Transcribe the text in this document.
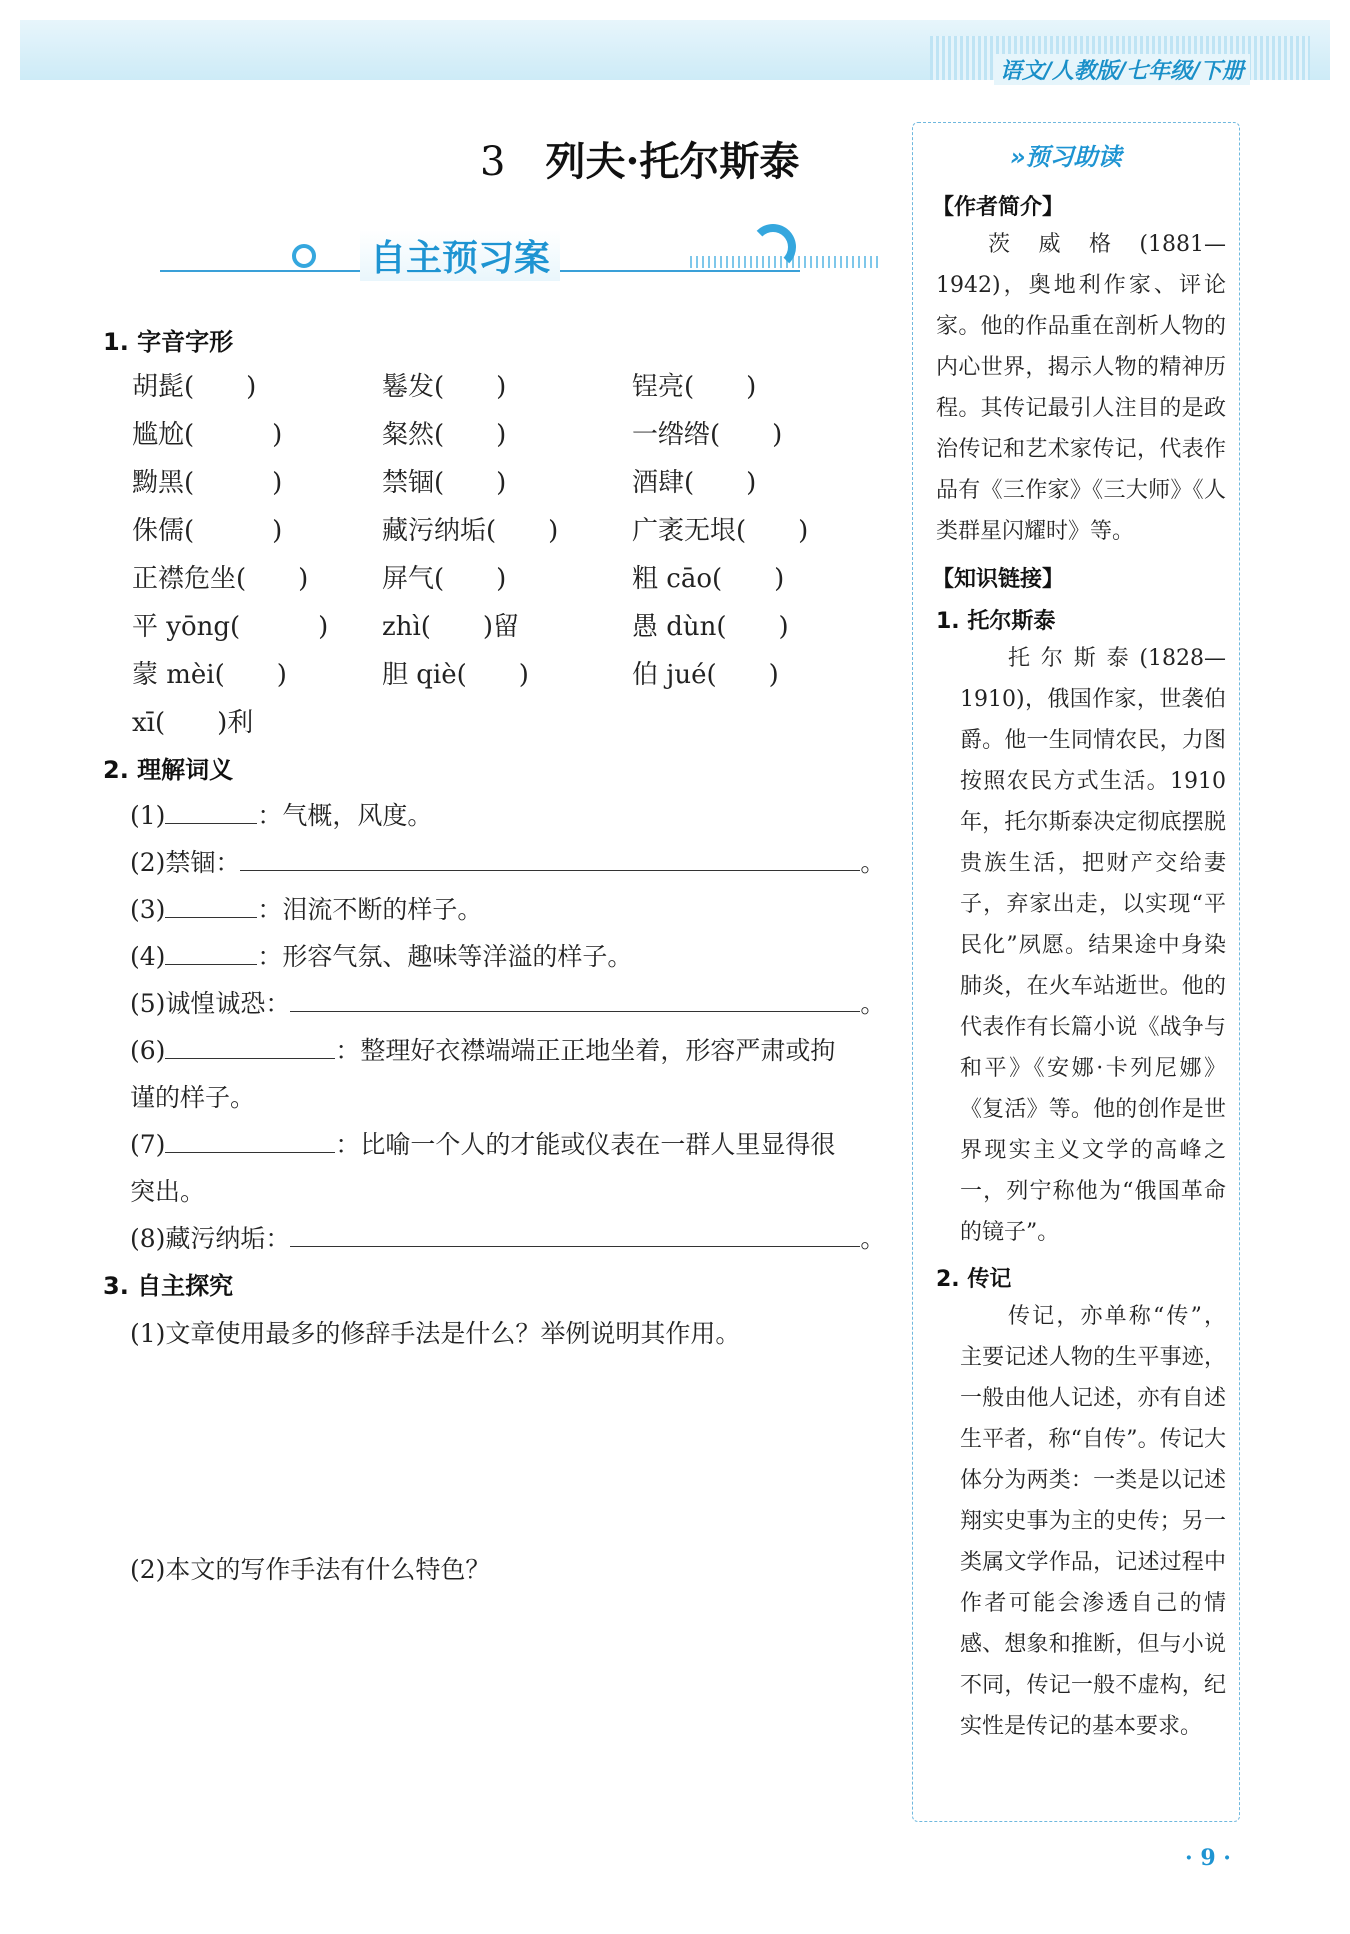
语文/人教版/七年级/下册
3 列夫·托尔斯泰
自主预习案
1. 字音字形
胡髭(　　)	鬈发(　　)	锃亮(　　)
尴尬(　　　)	粲然(　　)	一绺绺(　　)
黝黑(　　　)	禁锢(　　)	酒肆(　　)
侏儒(　　　)	藏污纳垢(　　)	广袤无垠(　　)
正襟危坐(　　)	屏气(　　)	粗 cāo(　　)
平 yōng(　　　) zhì(　　)留	愚 dùn(　　)
蒙 mèi(　　)	胆 qiè(　　)	伯 jué(　　)
xī(　　)利
2. 理解词义
(1)	：气概，风度。
(2)禁锢：	。
(3)	：泪流不断的样子。
(4)	：形容气氛、趣味等洋溢的样子。
(5)诚惶诚恐：	。
(6)	：整理好衣襟端端正正地坐着，形容严肃或拘
谨的样子。
(7)	：比喻一个人的才能或仪表在一群人里显得很
突出。
(8)藏污纳垢：	。
3. 自主探究
(1)文章使用最多的修辞手法是什么？举例说明其作用。
(2)本文的写作手法有什么特色？
»预习助读
【作者简介】
茨威格(1881—1942)，奥地利作家、评论家。他的作品重在剖析人物的内心世界，揭示人物的精神历程。其传记最引人注目的是政治传记和艺术家传记，代表作品有《三作家》《三大师》《人类群星闪耀时》等。
【知识链接】
1. 托尔斯泰
托尔斯泰(1828—1910)，俄国作家，世袭伯爵。他一生同情农民，力图按照农民方式生活。1910年，托尔斯泰决定彻底摆脱贵族生活，把财产交给妻子，弃家出走，以实现“平民化”夙愿。结果途中身染肺炎，在火车站逝世。他的代表作有长篇小说《战争与和平》《安娜·卡列尼娜》《复活》等。他的创作是世界现实主义文学的高峰之一，列宁称他为“俄国革命的镜子”。
2. 传记
传记，亦单称“传”，主要记述人物的生平事迹，一般由他人记述，亦有自述生平者，称“自传”。传记大体分为两类：一类是以记述翔实史事为主的史传；另一类属文学作品，记述过程中作者可能会渗透自己的情感、想象和推断，但与小说不同，传记一般不虚构，纪实性是传记的基本要求。
· 9 ·
